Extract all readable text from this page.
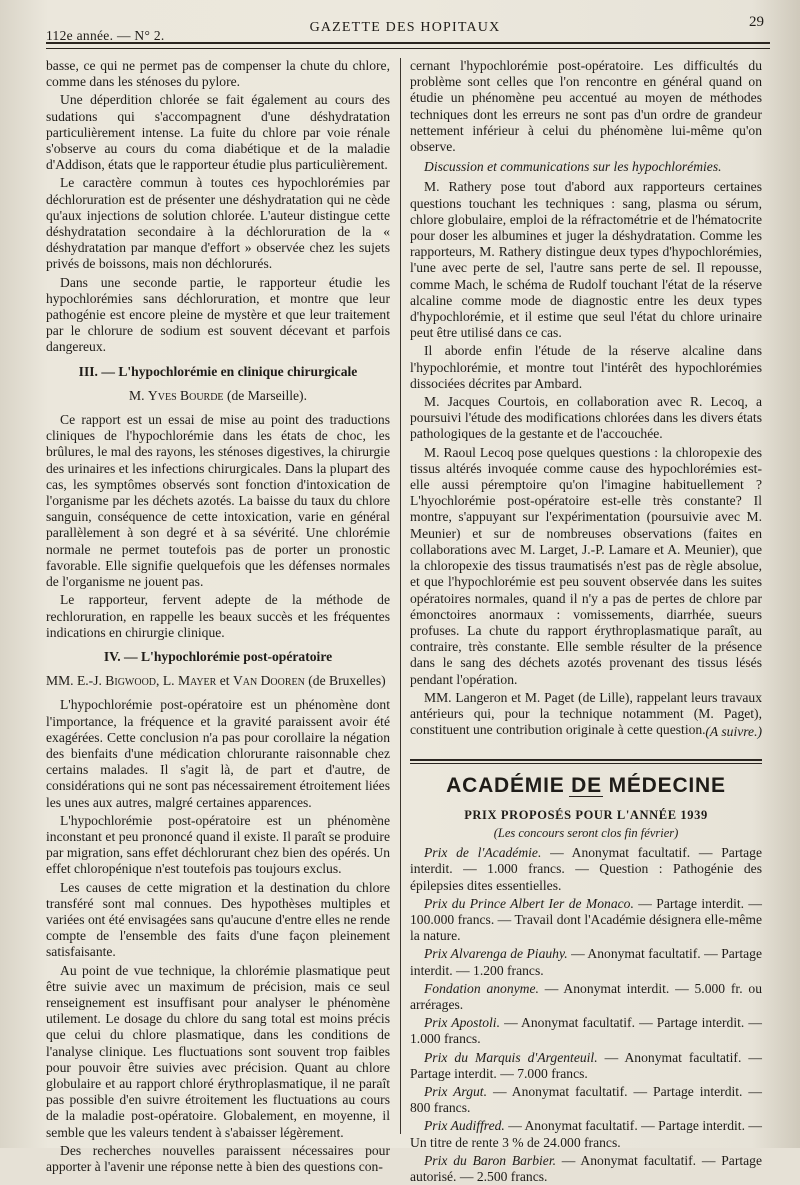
112e année. — N° 2.
GAZETTE DES HOPITAUX	29

basse, ce qui ne permet pas de compenser la chute du chlore, comme dans les sténoses du pylore.

Une déperdition chlorée se fait également au cours des sudations qui s'accompagnent d'une déshydratation particulièrement intense. La fuite du chlore par voie rénale s'observe au cours du coma diabétique et de la maladie d'Addison, états que le rapporteur étudie plus particulièrement.

Le caractère commun à toutes ces hypochlorémies par déchloruration est de présenter une déshydratation qui ne cède qu'aux injections de solution chlorée. L'auteur distingue cette déshydratation secondaire à la déchloruration de la « déshydratation par manque d'effort » observée chez les sujets privés de boissons, mais non déchlorurés.

Dans une seconde partie, le rapporteur étudie les hypochlorémies sans déchloruration, et montre que leur pathogénie est encore pleine de mystère et que leur traitement par le chlorure de sodium est souvent décevant et parfois dangereux.

III. — L'hypochlorémie en clinique chirurgicale

M. Yves Bourde (de Marseille).

Ce rapport est un essai de mise au point des traductions cliniques de l'hypochlorémie dans les états de choc, les brûlures, le mal des rayons, les sténoses digestives, la chirurgie des urinaires et les infections chirurgicales. Dans la plupart des cas, les symptômes observés sont fonction d'intoxication de l'organisme par les déchets azotés. La baisse du taux du chlore sanguin, conséquence de cette intoxication, varie en général parallèlement à son degré et à sa sévérité. Une chlorémie normale ne permet toutefois pas de porter un pronostic favorable. Elle signifie quelquefois que les défenses normales de l'organisme ne jouent pas.

Le rapporteur, fervent adepte de la méthode de rechloruration, en rappelle les beaux succès et les fréquentes indications en chirurgie clinique.

IV. — L'hypochlorémie post-opératoire

MM. E.-J. Bigwood, L. Mayer et Van Dooren (de Bruxelles)

L'hypochlorémie post-opératoire est un phénomène dont l'importance, la fréquence et la gravité paraissent avoir été exagérées. Cette conclusion n'a pas pour corollaire la négation des bienfaits d'une médication chlorurante raisonnable chez certains malades. Il s'agit là, de part et d'autre, de considérations qui ne sont pas nécessairement étroitement liées les unes aux autres, malgré certaines apparences.

L'hypochlorémie post-opératoire est un phénomène inconstant et peu prononcé quand il existe. Il paraît se produire par migration, sans effet déchlorurant chez bien des opérés. Un effet chloropénique n'est toutefois pas toujours exclus.

Les causes de cette migration et la destination du chlore transféré sont mal connues. Des hypothèses multiples et variées ont été envisagées sans qu'aucune d'entre elles ne rende compte de l'ensemble des faits d'une façon pleinement satisfaisante.

Au point de vue technique, la chlorémie plasmatique peut être suivie avec un maximum de précision, mais ce seul renseignement est insuffisant pour analyser le phénomène utilement. Le dosage du chlore du sang total est moins précis que celui du chlore plasmatique, dans les conditions de l'analyse clinique. Les fluctuations sont souvent trop faibles pour pouvoir être suivies avec précision. Quant au chlore globulaire et au rapport chloré érythroplasmatique, il ne paraît pas possible d'en suivre étroitement les fluctuations au cours de la maladie post-opératoire. Globalement, en moyenne, il semble que les valeurs tendent à s'abaisser légèrement.

Des recherches nouvelles paraissent nécessaires pour apporter à l'avenir une réponse nette à bien des questions con-

cernant l'hypochlorémie post-opératoire. Les difficultés du problème sont celles que l'on rencontre en général quand on étudie un phénomène peu accentué au moyen de méthodes techniques dont les erreurs ne sont pas d'un ordre de grandeur nettement inférieur à celui du phénomène lui-même qu'on observe.

Discussion et communications sur les hypochlorémies.

M. Rathery pose tout d'abord aux rapporteurs certaines questions touchant les techniques : sang, plasma ou sérum, chlore globulaire, emploi de la réfractométrie et de l'hématocrite pour doser les albumines et juger la déshydratation. Comme les rapporteurs, M. Rathery distingue deux types d'hypochlorémies, l'une avec perte de sel, l'autre sans perte de sel. Il repousse, comme Mach, le schéma de Rudolf touchant l'état de la réserve alcaline comme mode de diagnostic entre les deux types d'hypochlorémie, et il estime que seul l'état du chlore urinaire peut être utilisé dans ce cas.

Il aborde enfin l'étude de la réserve alcaline dans l'hypochlorémie, et montre tout l'intérêt des hypochlorémies dissociées décrites par Ambard.

M. Jacques Courtois, en collaboration avec R. Lecoq, a poursuivi l'étude des modifications chlorées dans les divers états pathologiques de la gestante et de l'accouchée.

M. Raoul Lecoq pose quelques questions : la chloropexie des tissus altérés invoquée comme cause des hypochlorémies est-elle aussi péremptoire qu'on l'imagine habituellement ? L'hyochlorémie post-opératoire est-elle très constante? Il montre, s'appuyant sur l'expérimentation (poursuivie avec M. Meunier) et sur de nombreuses observations (faites en collaborations avec M. Larget, J.-P. Lamare et A. Meunier), que la chloropexie des tissus traumatisés n'est pas de règle absolue, et que l'hypochlorémie est peu souvent observée dans les suites opératoires normales, quand il n'y a pas de pertes de chlore par émonctoires anormaux : vomissements, diarrhée, sueurs profuses. La chute du rapport érythroplasmatique paraît, au contraire, très constante. Elle semble résulter de la présence dans le sang des déchets azotés provenant des tissus lésés pendant l'opération.

MM. Langeron et M. Paget (de Lille), rappelant leurs travaux antérieurs qui, pour la technique notamment (M. Paget), constituent une contribution originale à cette question. (A suivre.)

ACADÉMIE DE MÉDECINE
PRIX PROPOSÉS POUR L'ANNÉE 1939
(Les concours seront clos fin février)

Prix de l'Académie. — Anonymat facultatif. — Partage interdit. — 1.000 francs. — Question : Pathogénie des épilepsies dites essentielles.

Prix du Prince Albert Ier de Monaco. — Partage interdit. — 100.000 francs. — Travail dont l'Académie désignera elle-même la nature.

Prix Alvarenga de Piauhy. — Anonymat facultatif. — Partage interdit. — 1.200 francs.

Fondation anonyme. — Anonymat interdit. — 5.000 fr. ou arrérages.

Prix Apostoli. — Anonymat facultatif. — Partage interdit. — 1.000 francs.

Prix du Marquis d'Argenteuil. — Anonymat facultatif. — Partage interdit. — 7.000 francs.

Prix Argut. — Anonymat facultatif. — Partage interdit. — 800 francs.

Prix Audiffred. — Anonymat facultatif. — Partage interdit. — Un titre de rente 3 % de 24.000 francs.

Prix du Baron Barbier. — Anonymat facultatif. — Partage autorisé. — 2.500 francs.
